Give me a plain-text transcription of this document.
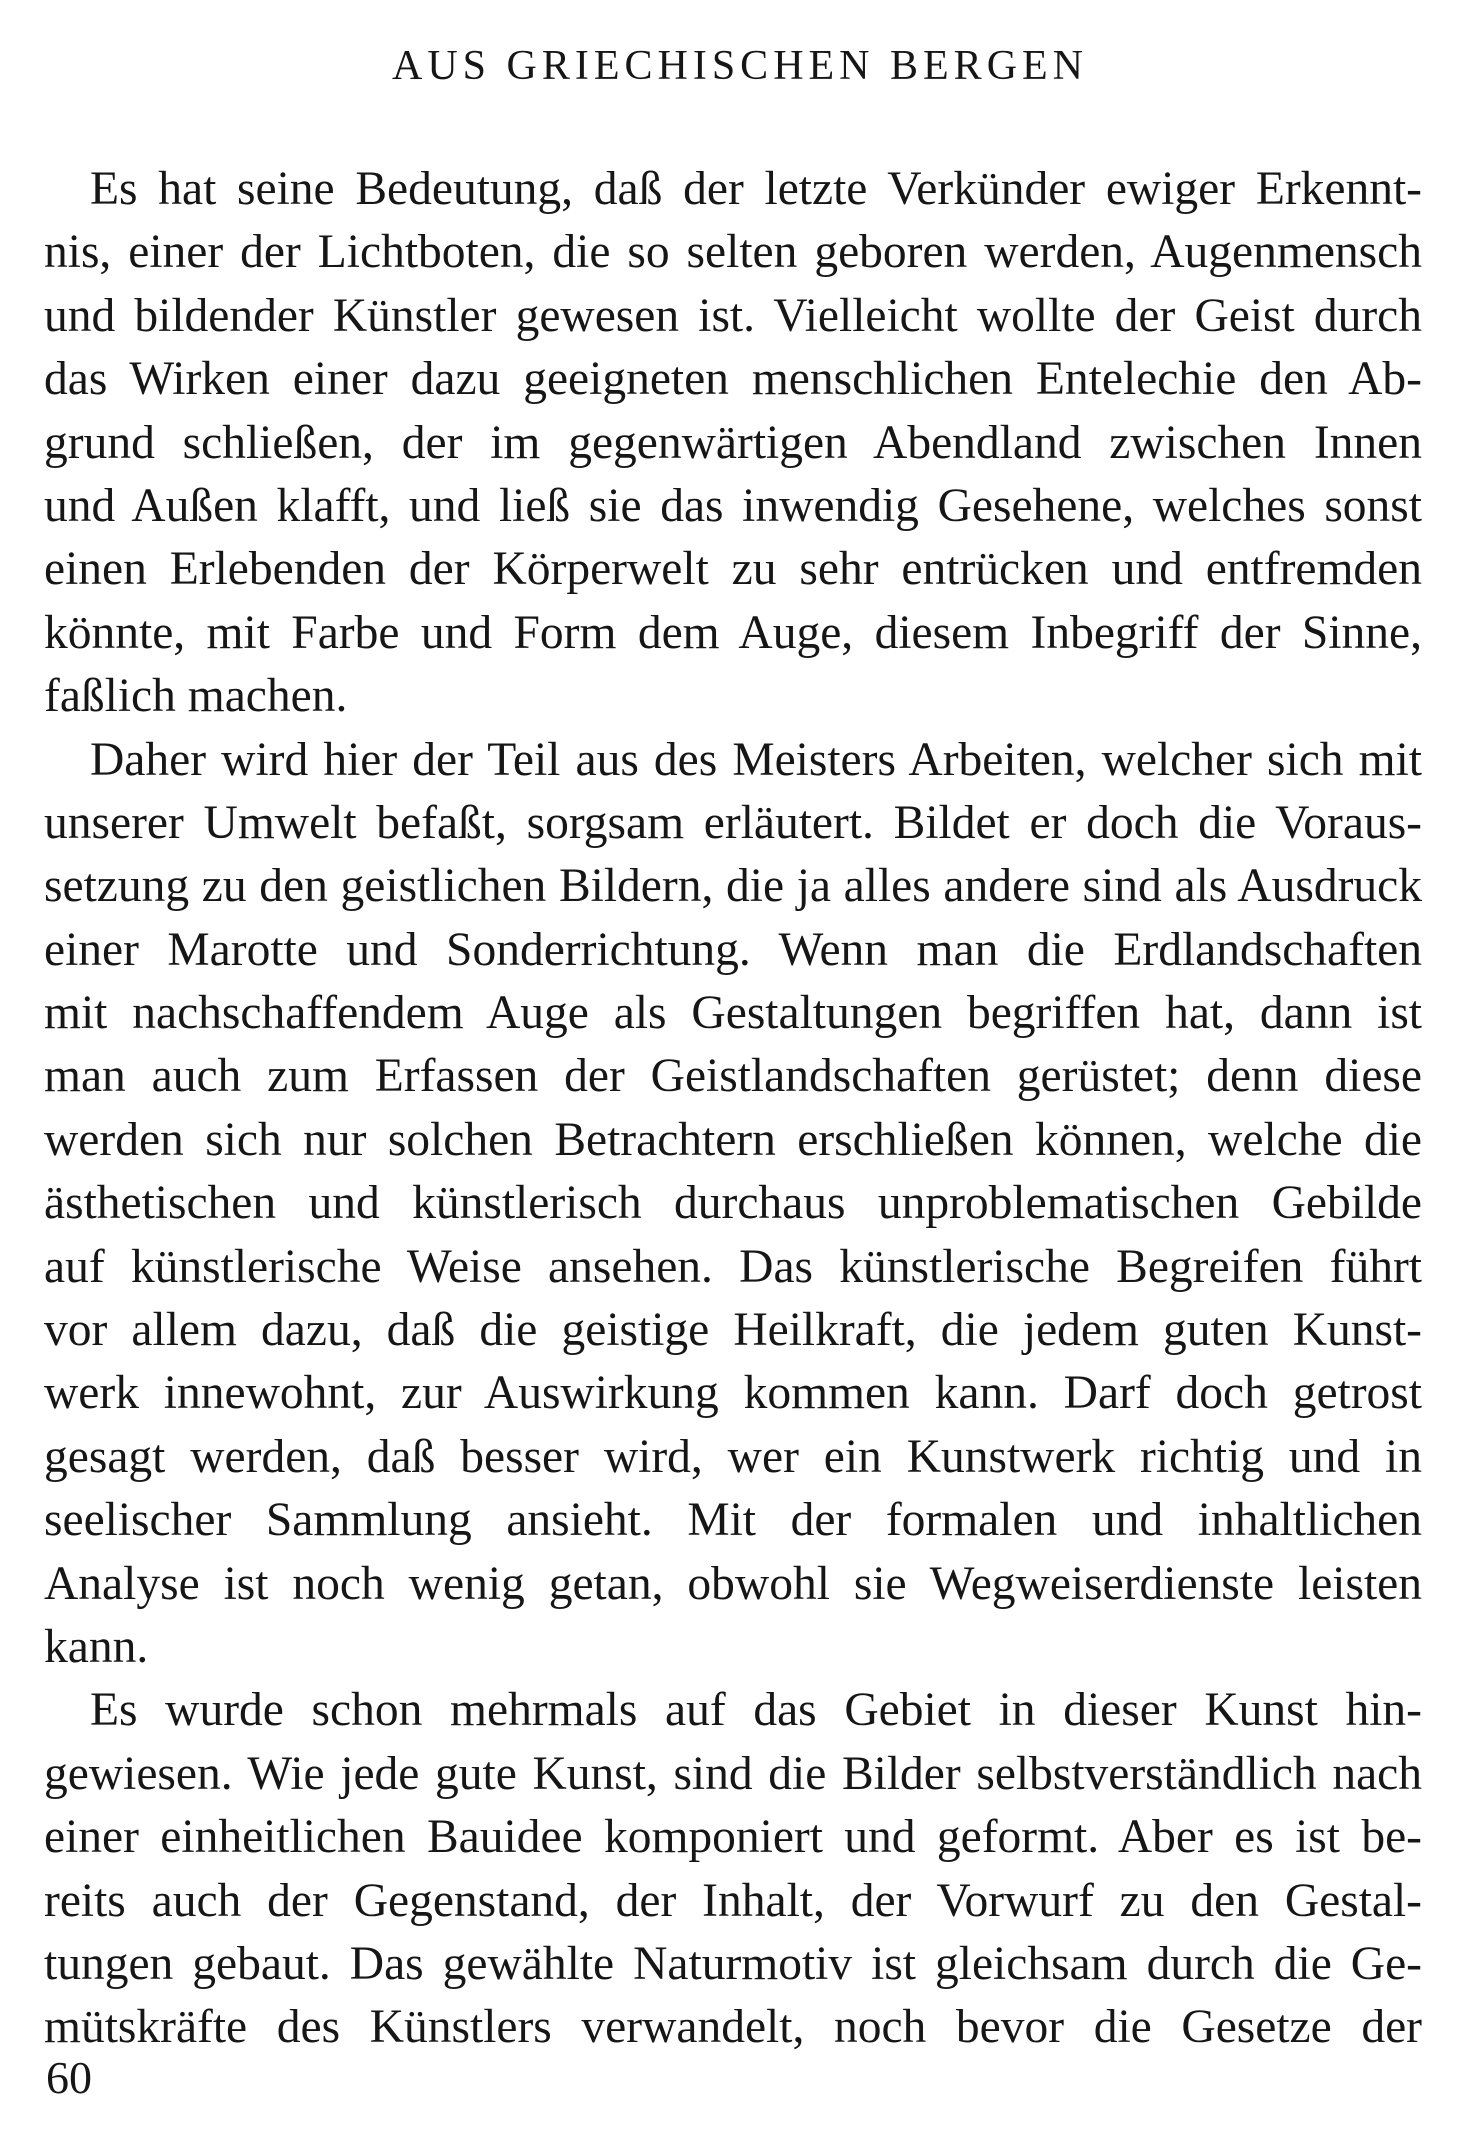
AUS GRIECHISCHEN BERGEN
Es hat seine Bedeutung, daß der letzte Verkünder ewiger Erkennt-
nis, einer der Lichtboten, die so selten geboren werden, Augenmensch
und bildender Künstler gewesen ist. Vielleicht wollte der Geist durch
das Wirken einer dazu geeigneten menschlichen Entelechie den Ab-
grund schließen, der im gegenwärtigen Abendland zwischen Innen
und Außen klafft, und ließ sie das inwendig Gesehene, welches sonst
einen Erlebenden der Körperwelt zu sehr entrücken und entfremden
könnte, mit Farbe und Form dem Auge, diesem Inbegriff der Sinne,
faßlich machen.
Daher wird hier der Teil aus des Meisters Arbeiten, welcher sich mit
unserer Umwelt befaßt, sorgsam erläutert. Bildet er doch die Voraus-
setzung zu den geistlichen Bildern, die ja alles andere sind als Ausdruck
einer Marotte und Sonderrichtung. Wenn man die Erdlandschaften
mit nachschaffendem Auge als Gestaltungen begriffen hat, dann ist
man auch zum Erfassen der Geistlandschaften gerüstet; denn diese
werden sich nur solchen Betrachtern erschließen können, welche die
ästhetischen und künstlerisch durchaus unproblematischen Gebilde
auf künstlerische Weise ansehen. Das künstlerische Begreifen führt
vor allem dazu, daß die geistige Heilkraft, die jedem guten Kunst-
werk innewohnt, zur Auswirkung kommen kann. Darf doch getrost
gesagt werden, daß besser wird, wer ein Kunstwerk richtig und in
seelischer Sammlung ansieht. Mit der formalen und inhaltlichen
Analyse ist noch wenig getan, obwohl sie Wegweiserdienste leisten
kann.
Es wurde schon mehrmals auf das Gebiet in dieser Kunst hin-
gewiesen. Wie jede gute Kunst, sind die Bilder selbstverständlich nach
einer einheitlichen Bauidee komponiert und geformt. Aber es ist be-
reits auch der Gegenstand, der Inhalt, der Vorwurf zu den Gestal-
tungen gebaut. Das gewählte Naturmotiv ist gleichsam durch die Ge-
mütskräfte des Künstlers verwandelt, noch bevor die Gesetze der
60
